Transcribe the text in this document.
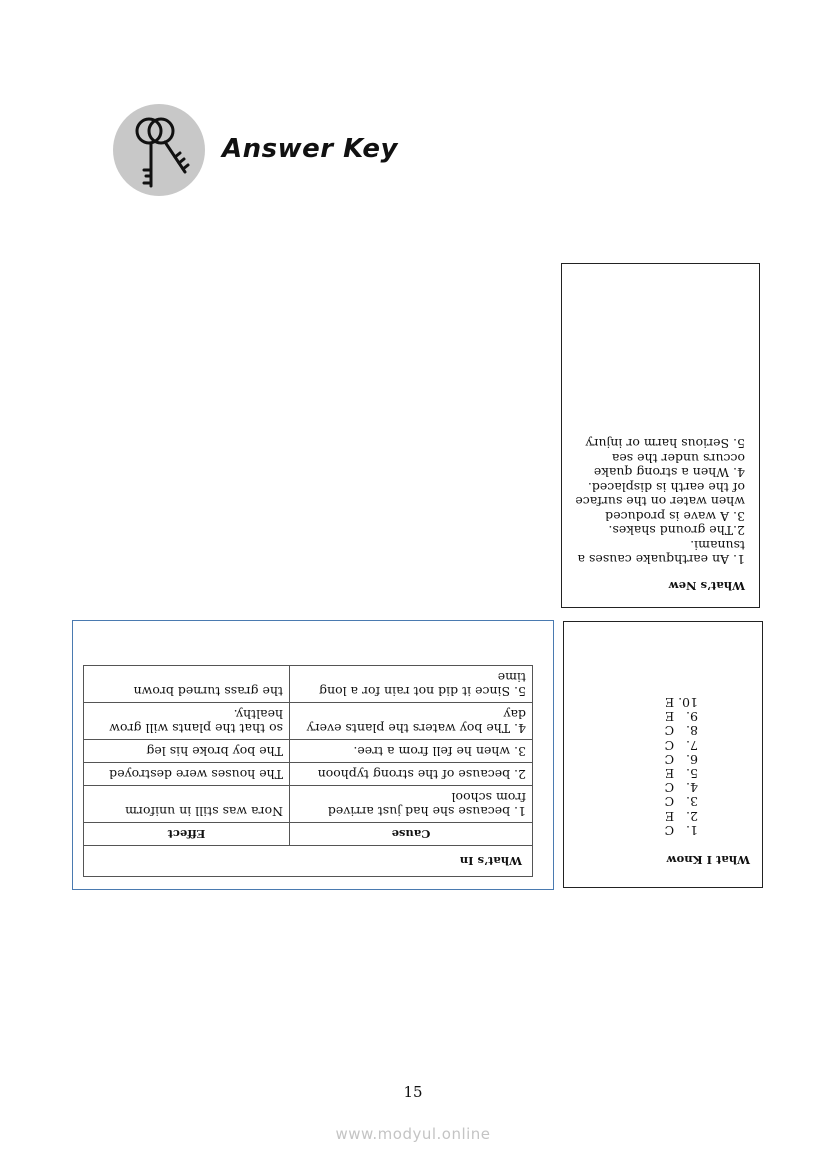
Answer Key
What’s New

1. An earthquake causes a tsunami.

2.The ground shakes.

3. A wave is produced when water on the surface of the earth is displaced.

4. When a strong quake occurs under the sea

5. Serious harm or injury

What I Know
1.   C
2.   E
3.   C
4.   C
5.   E
6.   C
7.   C
8.   C
9.   E
10. E
What’s In	
Cause	Effect
1. because she had just arrived from school	Nora was still in uniform
2. because of the strong typhoon	The houses were destroyed
3. when he fell from a tree.	The boy broke his leg
4. The boy waters the plants every day	so that the plants will grow healthy.
5. Since it did not rain for a long time	the grass turned brown
15
www.modyul.online
